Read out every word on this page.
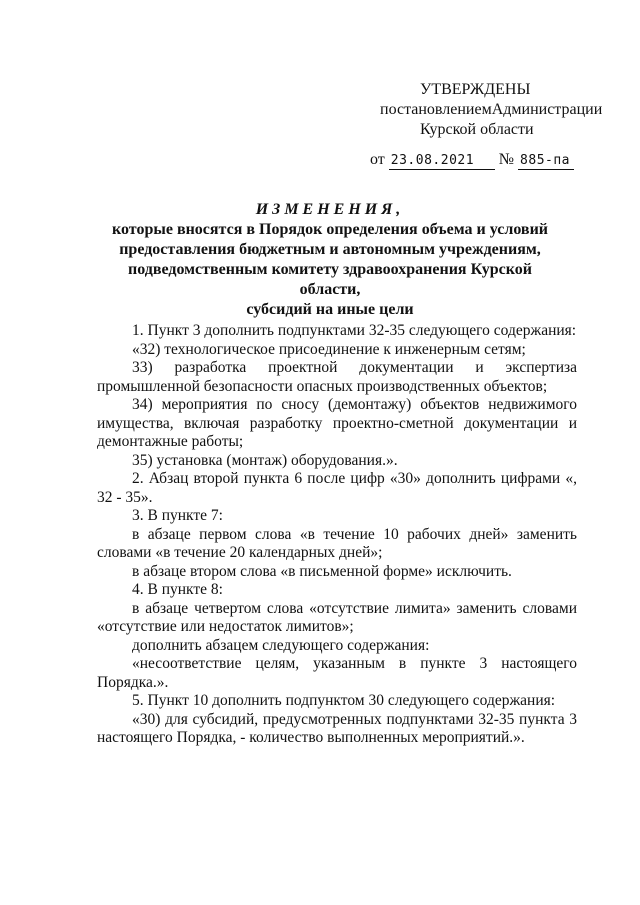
УТВЕРЖДЕНЫ
постановлениемАдминистрации
Курской области
от 23.08.2021 № 885-па
ИЗМЕНЕНИЯ,
которые вносятся в Порядок определения объема и условий
предоставления бюджетным и автономным учреждениям,
подведомственным комитету здравоохранения Курской области,
субсидий на иные цели

1. Пункт 3 дополнить подпунктами 32-35 следующего содержания:

«32) технологическое присоединение к инженерным сетям;

33) разработка проектной документации и экспертиза промышленной безопасности опасных производственных объектов;

34) мероприятия по сносу (демонтажу) объектов недвижимого имущества, включая разработку проектно-сметной документации и демонтажные работы;

35) установка (монтаж) оборудования.».

2. Абзац второй пункта 6 после цифр «30» дополнить цифрами «, 32 - 35».

3. В пункте 7:

в абзаце первом слова «в течение 10 рабочих дней» заменить словами «в течение 20 календарных дней»;

в абзаце втором слова «в письменной форме» исключить.

4. В пункте 8:

в абзаце четвертом слова «отсутствие лимита» заменить словами «отсутствие или недостаток лимитов»;

дополнить абзацем следующего содержания:

«несоответствие целям, указанным в пункте 3 настоящего Порядка.».

5. Пункт 10 дополнить подпунктом 30 следующего содержания:

«30) для субсидий, предусмотренных подпунктами 32-35 пункта 3 настоящего Порядка, - количество выполненных мероприятий.».
